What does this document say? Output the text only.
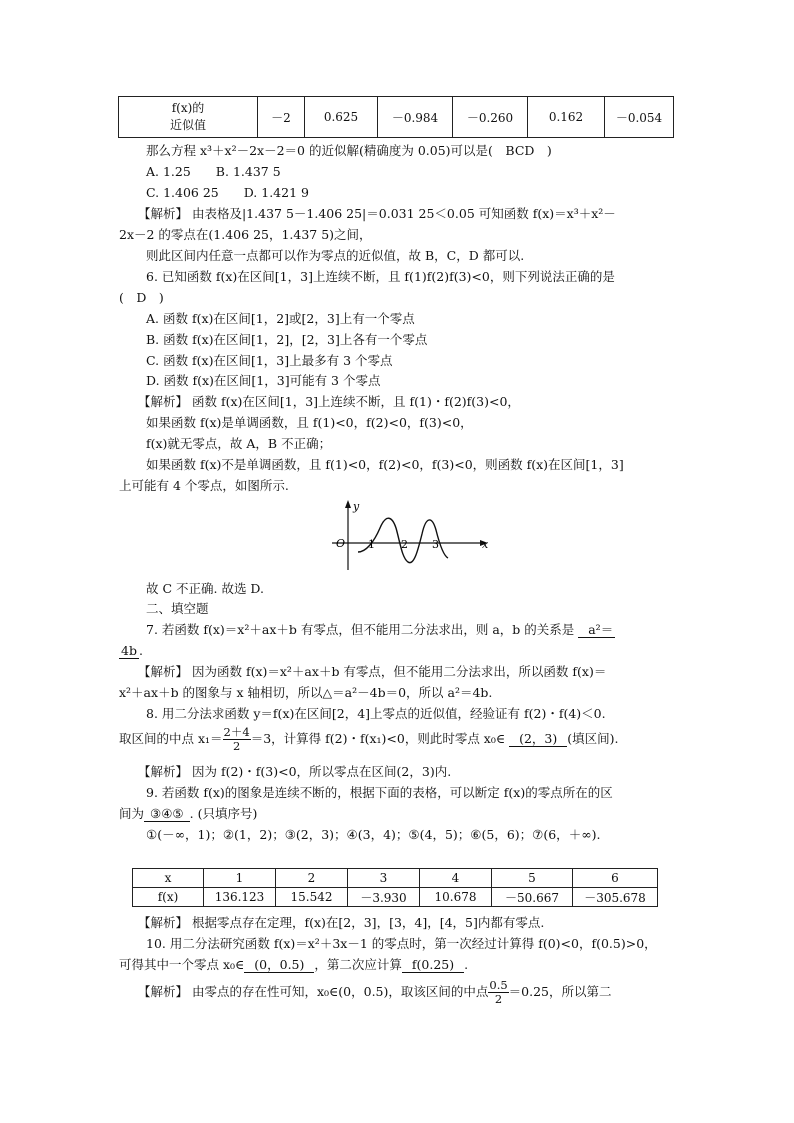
f(x)的
近似值	－2	0.625	－0.984	－0.260	0.162	－0.054
那么方程 x³＋x²－2x－2＝0 的近似解(精确度为 0.05)可以是(　BCD　)
A. 1.25　　B. 1.437 5
C. 1.406 25　　D. 1.421 9
【解析】 由表格及|1.437 5－1.406 25|＝0.031 25＜0.05 可知函数 f(x)＝x³＋x²－
2x－2 的零点在(1.406 25，1.437 5)之间，
则此区间内任意一点都可以作为零点的近似值，故 B，C，D 都可以.
6. 已知函数 f(x)在区间[1，3]上连续不断，且 f(1)f(2)f(3)<0，则下列说法正确的是
(　D　)
A. 函数 f(x)在区间[1，2]或[2，3]上有一个零点
B. 函数 f(x)在区间[1，2]，[2，3]上各有一个零点
C. 函数 f(x)在区间[1，3]上最多有 3 个零点
D. 函数 f(x)在区间[1，3]可能有 3 个零点
【解析】 函数 f(x)在区间[1，3]上连续不断，且 f(1)・f(2)f(3)<0，
如果函数 f(x)是单调函数，且 f(1)<0，f(2)<0，f(3)<0，
f(x)就无零点，故 A，B 不正确；
如果函数 f(x)不是单调函数，且 f(1)<0，f(2)<0，f(3)<0，则函数 f(x)在区间[1，3]
上可能有 4 个零点，如图所示.
y
O	x
1 2 3
故 C 不正确. 故选 D.
二、填空题
7. 若函数 f(x)＝x²＋ax＋b 有零点，但不能用二分法求出，则 a，b 的关系是 a²＝
4b .
【解析】 因为函数 f(x)＝x²＋ax＋b 有零点，但不能用二分法求出，所以函数 f(x)＝
x²＋ax＋b 的图象与 x 轴相切，所以△＝a²－4b＝0，所以 a²＝4b.
8. 用二分法求函数 y＝f(x)在区间[2，4]上零点的近似值，经验证有 f(2)・f(4)＜0.
取区间的中点 $x_1= \frac{2+4}{2} =3$，计算得 f(2)・f(x₁)<0，则此时零点 x₀∈ (2，3) (填区间).
【解析】 因为 f(2)・f(3)<0，所以零点在区间(2，3)内.
9. 若函数 f(x)的图象是连续不断的，根据下面的表格，可以断定 f(x)的零点所在的区
间为 ③④⑤ . (只填序号)
①(－∞，1)；②(1，2)；③(2，3)；④(3，4)；⑤(4，5)；⑥(5，6)；⑦(6，＋∞).
x	1	2	3	4	5	6
f(x)	136.123	15.542	－3.930	10.678	－50.667	－305.678
【解析】 根据零点存在定理，f(x)在[2，3]，[3，4]，[4，5]内都有零点.
10. 用二分法研究函数 f(x)＝x²＋3x－1 的零点时，第一次经过计算得 f(0)<0，f(0.5)>0，
可得其中一个零点 x₀∈ (0，0.5) ，第二次应计算 f(0.25) .
【解析】 由零点的存在性可知，x₀∈(0，0.5)，取该区间的中点 $\frac{0.5}{2} =0.25$，所以第二
